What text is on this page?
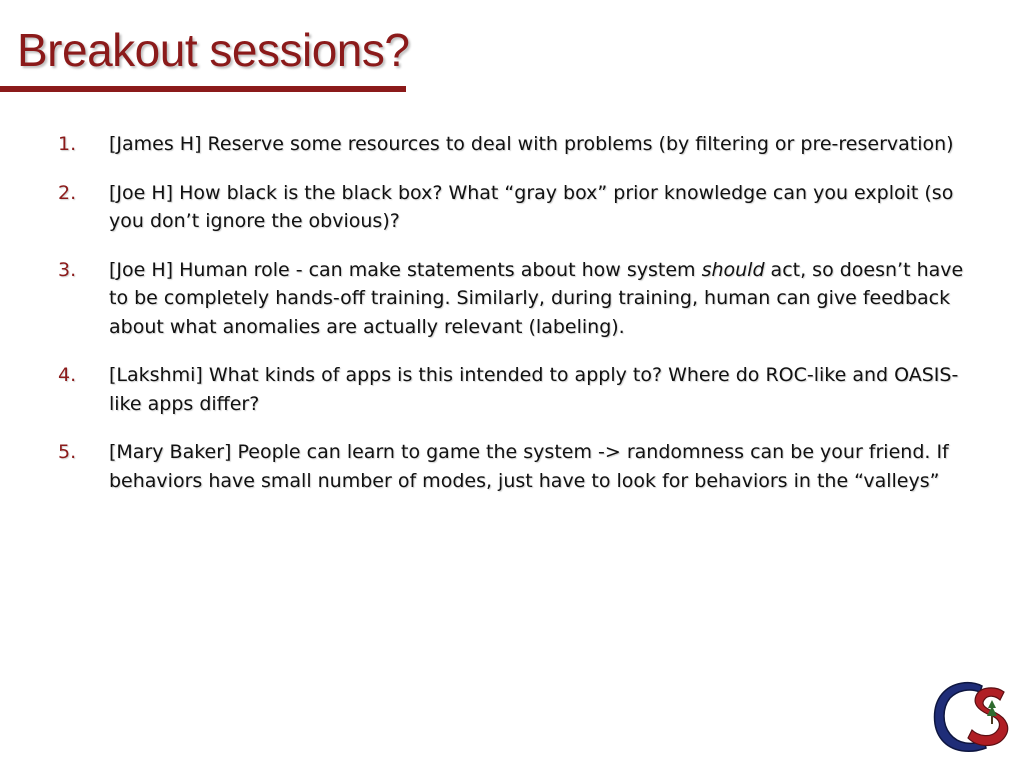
Breakout sessions?
1. [James H] Reserve some resources to deal with problems (by filtering or pre-reservation)
2. [Joe H] How black is the black box? What “gray box” prior knowledge can you exploit (so you don’t ignore the obvious)?
3. [Joe H] Human role - can make statements about how system should act, so doesn’t have to be completely hands-off training. Similarly, during training, human can give feedback about what anomalies are actually relevant (labeling).
4. [Lakshmi] What kinds of apps is this intended to apply to? Where do ROC-like and OASIS-like apps differ?
5. [Mary Baker] People can learn to game the system -> randomness can be your friend. If behaviors have small number of modes, just have to look for behaviors in the “valleys”
